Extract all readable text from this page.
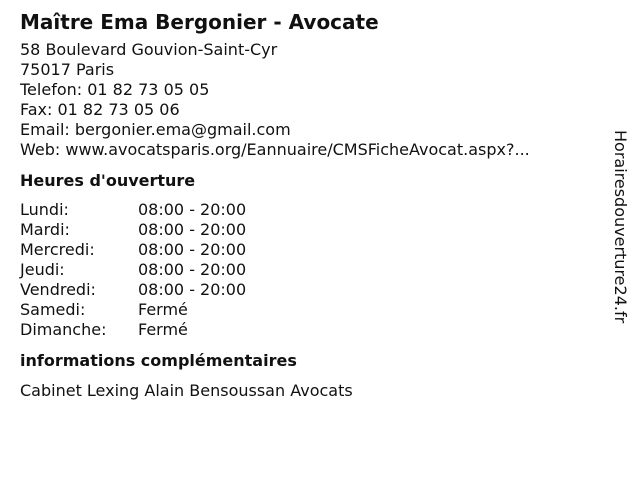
Maître Ema Bergonier - Avocate
58 Boulevard Gouvion-Saint-Cyr
75017 Paris
Telefon: 01 82 73 05 05
Fax: 01 82 73 05 06
Email: bergonier.ema@gmail.com
Web: www.avocatsparis.org/Eannuaire/CMSFicheAvocat.aspx?...
Heures d'ouverture
Lundi:	08:00 - 20:00
Mardi:	08:00 - 20:00
Mercredi:	08:00 - 20:00
Jeudi:	08:00 - 20:00
Vendredi:	08:00 - 20:00
Samedi:	Fermé
Dimanche:	Fermé
informations complémentaires
Cabinet Lexing Alain Bensoussan Avocats
Horairesdouverture24.fr
